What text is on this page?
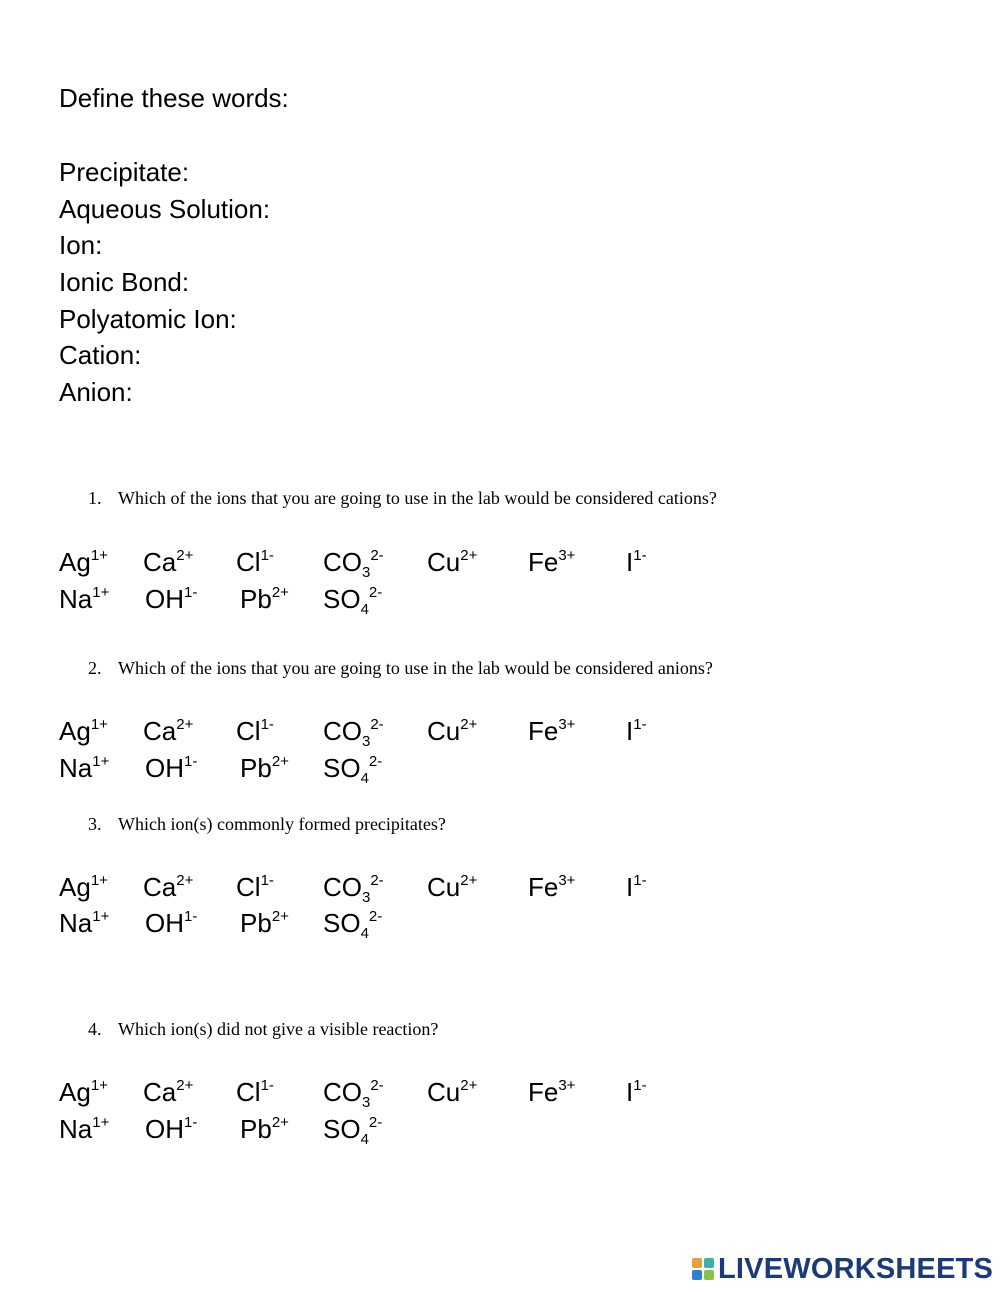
Define these words:
Precipitate:
Aqueous Solution:
Ion:
Ionic Bond:
Polyatomic Ion:
Cation:
Anion:
1. Which of the ions that you are going to use in the lab would be considered cations?
$Ag^{1+}$ $Ca^{2+}$ $Cl^{1-}$ $CO_3^{2-}$ $Cu^{2+}$ $Fe^{3+}$ $I^{1-}$
$Na^{1+}$ $OH^{1-}$ $Pb^{2+}$ $SO_4^{2-}$
2. Which of the ions that you are going to use in the lab would be considered anions?
$Ag^{1+}$ $Ca^{2+}$ $Cl^{1-}$ $CO_3^{2-}$ $Cu^{2+}$ $Fe^{3+}$ $I^{1-}$
$Na^{1+}$ $OH^{1-}$ $Pb^{2+}$ $SO_4^{2-}$
3. Which ion(s) commonly formed precipitates?
$Ag^{1+}$ $Ca^{2+}$ $Cl^{1-}$ $CO_3^{2-}$ $Cu^{2+}$ $Fe^{3+}$ $I^{1-}$
$Na^{1+}$ $OH^{1-}$ $Pb^{2+}$ $SO_4^{2-}$
4. Which ion(s) did not give a visible reaction?
$Ag^{1+}$ $Ca^{2+}$ $Cl^{1-}$ $CO_3^{2-}$ $Cu^{2+}$ $Fe^{3+}$ $I^{1-}$
$Na^{1+}$ $OH^{1-}$ $Pb^{2+}$ $SO_4^{2-}$
LIVEWORKSHEETS
